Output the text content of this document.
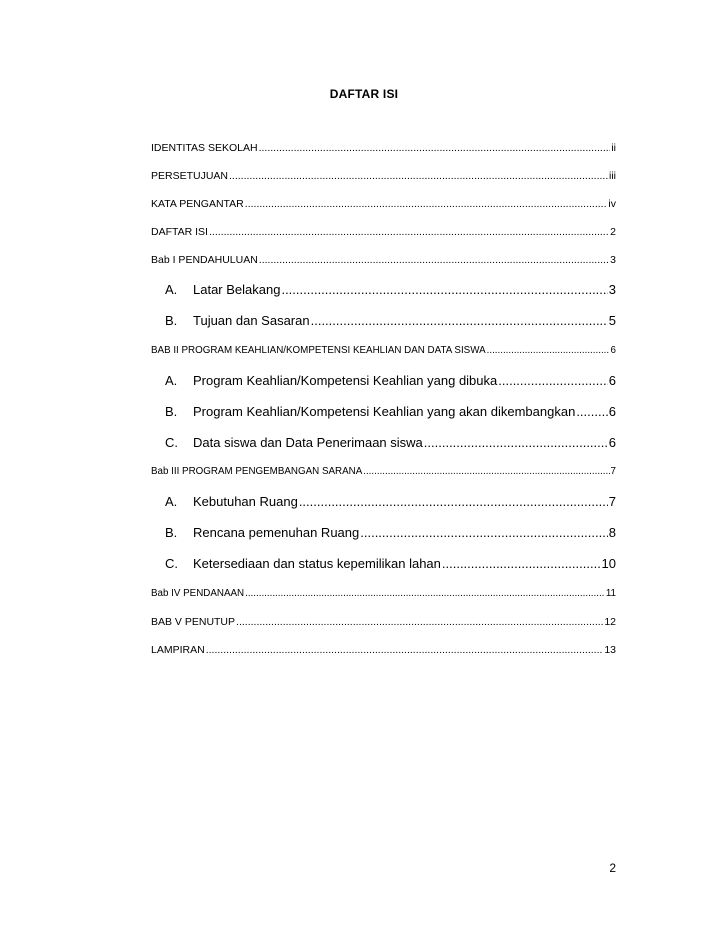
DAFTAR ISI
IDENTITAS SEKOLAH .....	ii
PERSETUJUAN .....	iii
KATA PENGANTAR .....	iv
DAFTAR ISI .....	2
Bab I PENDAHULUAN .....	3
A.	Latar Belakang .....	3
B.	Tujuan dan Sasaran .....	5
BAB II PROGRAM KEAHLIAN/KOMPETENSI KEAHLIAN DAN DATA SISWA .....	6
A.	Program Keahlian/Kompetensi Keahlian yang dibuka .....	6
B.	Program Keahlian/Kompetensi Keahlian yang akan dikembangkan .....	6
C.	Data siswa dan Data Penerimaan siswa .....	6
Bab III PROGRAM PENGEMBANGAN SARANA .....	7
A.	Kebutuhan Ruang .....	7
B.	Rencana pemenuhan Ruang .....	8
C.	Ketersediaan dan status kepemilikan lahan .....	10
Bab IV PENDANAAN .....	11
BAB V PENUTUP .....	12
LAMPIRAN .....	13
2
